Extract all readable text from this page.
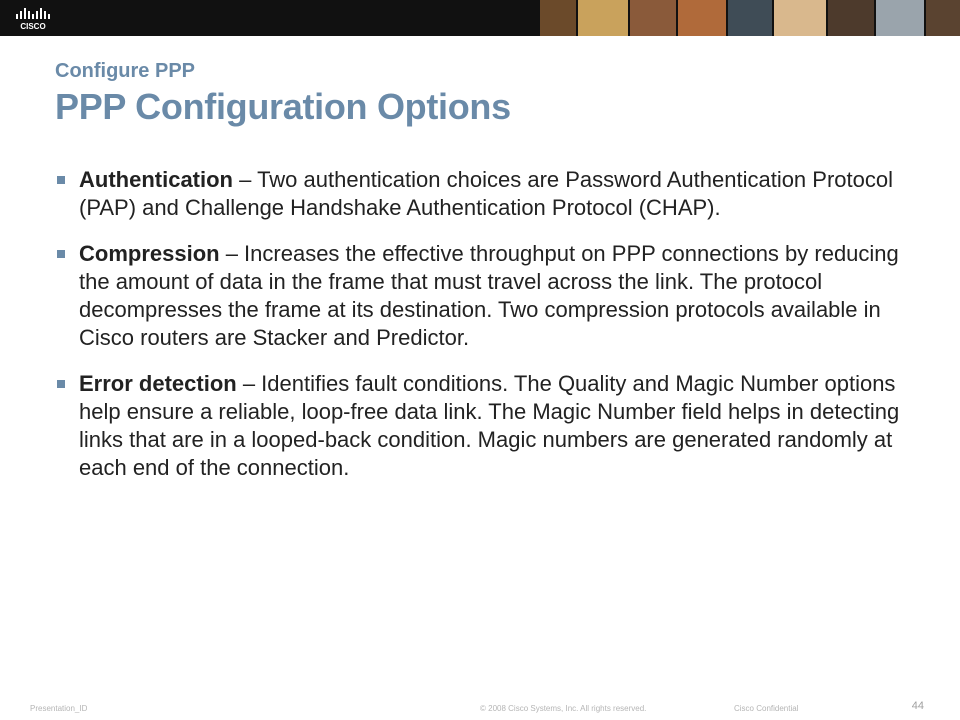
CISCO
Configure PPP
PPP Configuration Options
Authentication – Two authentication choices are Password Authentication Protocol (PAP) and Challenge Handshake Authentication Protocol (CHAP).
Compression – Increases the effective throughput on PPP connections by reducing the amount of data in the frame that must travel across the link. The protocol decompresses the frame at its destination. Two compression protocols available in Cisco routers are Stacker and Predictor.
Error detection – Identifies fault conditions. The Quality and Magic Number options help ensure a reliable, loop-free data link. The Magic Number field helps in detecting links that are in a looped-back condition. Magic numbers are generated randomly at each end of the connection.
Presentation_ID	© 2008 Cisco Systems, Inc. All rights reserved.	Cisco Confidential	44
